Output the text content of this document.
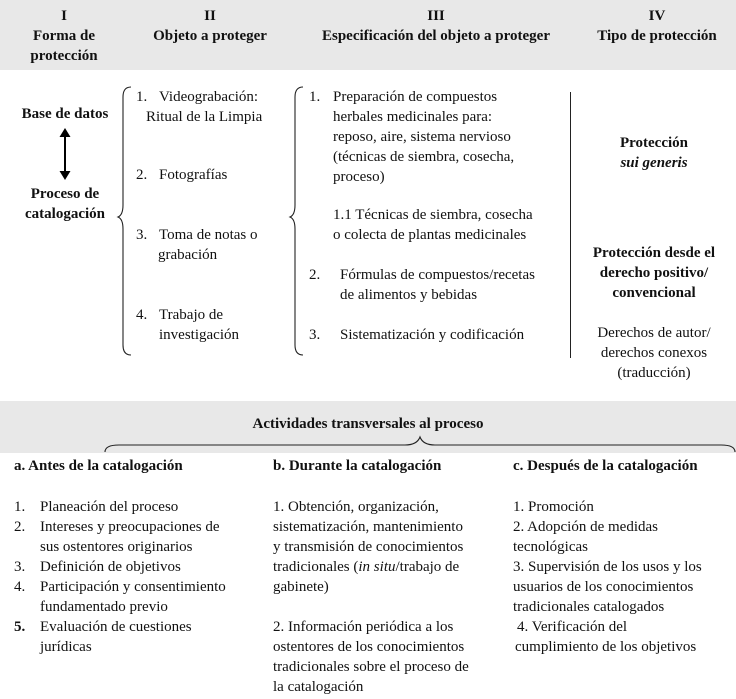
I
Forma de
protección
II
Objeto a proteger
III
Especificación del objeto a proteger
IV
Tipo de protección
Base de datos
Proceso de
catalogación
1. Videograbación:
Ritual de la Limpia
2. Fotografías
3. Toma de notas o
grabación
4. Trabajo de
investigación
1. Preparación de compuestos
herbales medicinales para:
reposo, aire, sistema nervioso
(técnicas de siembra, cosecha,
proceso)
1.1 Técnicas de siembra, cosecha
o colecta de plantas medicinales
2. Fórmulas de compuestos/recetas
de alimentos y bebidas
3. Sistematización y codificación
Protección
sui generis
Protección desde el
derecho positivo/
convencional
Derechos de autor/
derechos conexos
(traducción)
Actividades transversales al proceso
a. Antes de la catalogación	b. Durante la catalogación	c. Después de la catalogación
1. Planeación del proceso
2. Intereses y preocupaciones de
sus ostentores originarios
3. Definición de objetivos
4. Participación y consentimiento
fundamentado previo
5. Evaluación de cuestiones
jurídicas
1. Obtención, organización,
sistematización, mantenimiento
y transmisión de conocimientos
tradicionales (in situ/trabajo de
gabinete)
2. Información periódica a los
ostentores de los conocimientos
tradicionales sobre el proceso de
la catalogación
1. Promoción
2. Adopción de medidas
tecnológicas
3. Supervisión de los usos y los
usuarios de los conocimientos
tradicionales catalogados
4. Verificación del
cumplimiento de los objetivos
